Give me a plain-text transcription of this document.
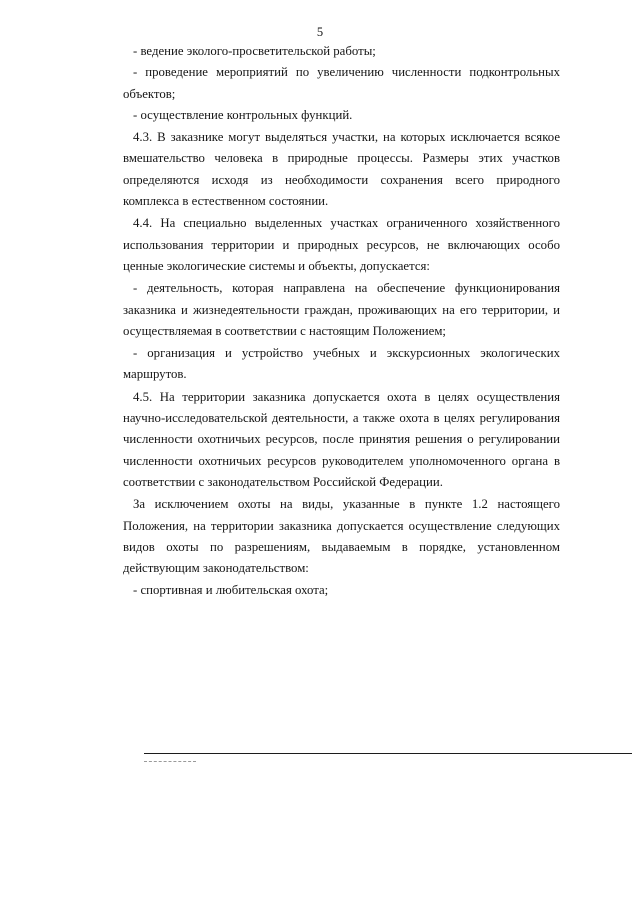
5

- ведение эколого-просветительской работы;

- проведение мероприятий по увеличению численности подконтрольных объектов;

- осуществление контрольных функций.

4.3. В заказнике могут выделяться участки, на которых исключается всякое вмешательство человека в природные процессы. Размеры этих участков определяются исходя из необходимости сохранения всего природного комплекса в естественном состоянии.

4.4. На специально выделенных участках ограниченного хозяйственного использования территории и природных ресурсов, не включающих особо ценные экологические системы и объекты, допускается:

- деятельность, которая направлена на обеспечение функционирования заказника и жизнедеятельности граждан, проживающих на его территории, и осуществляемая в соответствии с настоящим Положением;

- организация и устройство учебных и экскурсионных экологических маршрутов.

4.5. На территории заказника допускается охота в целях осуществления научно-исследовательской деятельности, а также охота в целях регулирования численности охотничьих ресурсов, после принятия решения о регулировании численности охотничьих ресурсов руководителем уполномоченного органа в соответствии с законодательством Российской Федерации.

За исключением охоты на виды, указанные в пункте 1.2 настоящего Положения, на территории заказника допускается осуществление следующих видов охоты по разрешениям, выдаваемым в порядке, установленном действующим законодательством:

- спортивная и любительская охота;
